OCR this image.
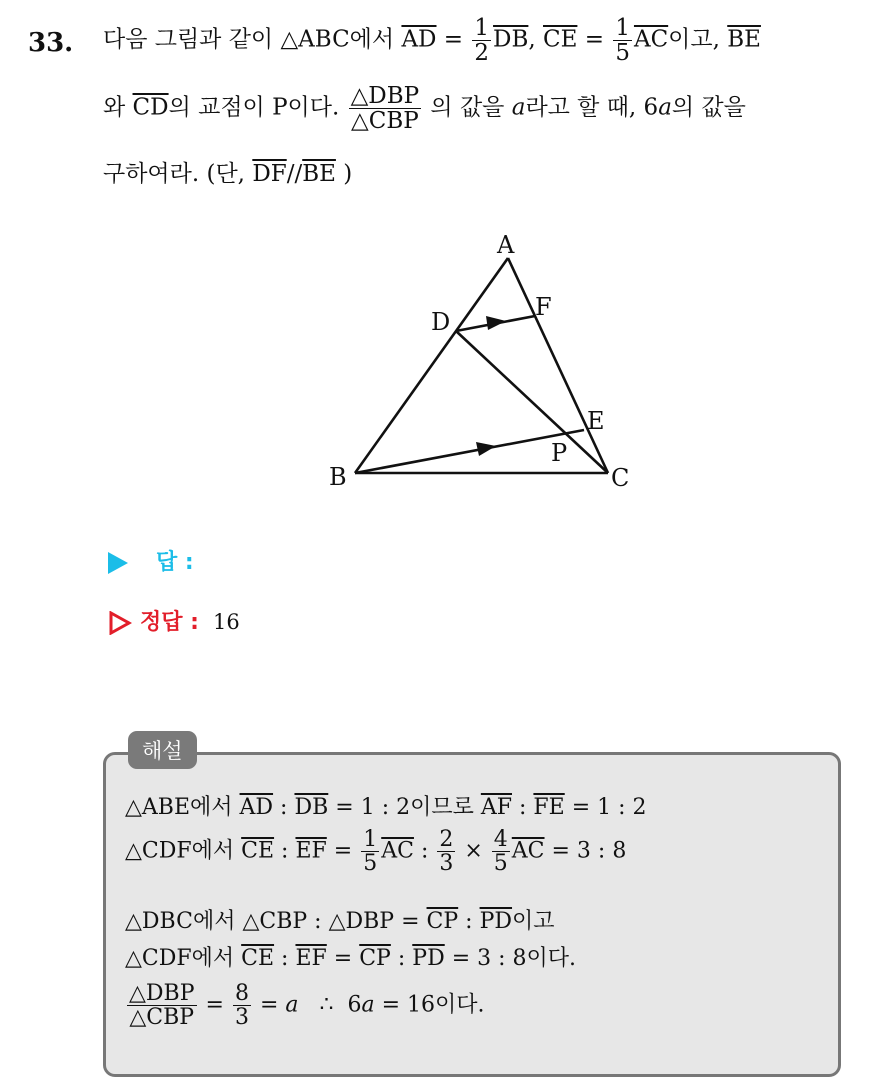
33. 다음 그림과 같이 △ABC에서 $\overline{AD} = \frac{1}{2} \overline{DB}$, $\overline{CE} = \frac{1}{5} \overline{AC}$이고, $\overline{BE}$
와 $\overline{CD}$의 교점이 P이다. $\frac{\text{△DBP}}{\text{△CBP}}$ 의 값을 a라고 할 때, 6a의 값을
구하여라. (단, $\overline{DF}//\overline{BE}$ )
A
B	C
D
E
F
P
답 :
정답 : 16
해설
△ABE에서 $\overline{AD}$ : $\overline{DB} = 1$ : 2이므로 $\overline{AF}$ : $\overline{FE} = 1$ : 2
△CDF에서 $\overline{CE}$ : $\overline{EF} = \frac{1}{5} \overline{AC}$ : $\frac{2}{3} \times \frac{4}{5} \overline{AC} = 3$ : 8
△DBC에서 △CBP : △DBP = $\overline{CP}$ : $\overline{PD}$이고
△CDF에서 $\overline{CE}$ : $\overline{EF} = \overline{CP}$ : $\overline{PD} = 3$ : 8이다.
$\frac{\text{△DBP}}{\text{△CBP}} = \frac{8}{3} = a$   ∴  6a = 16이다.
